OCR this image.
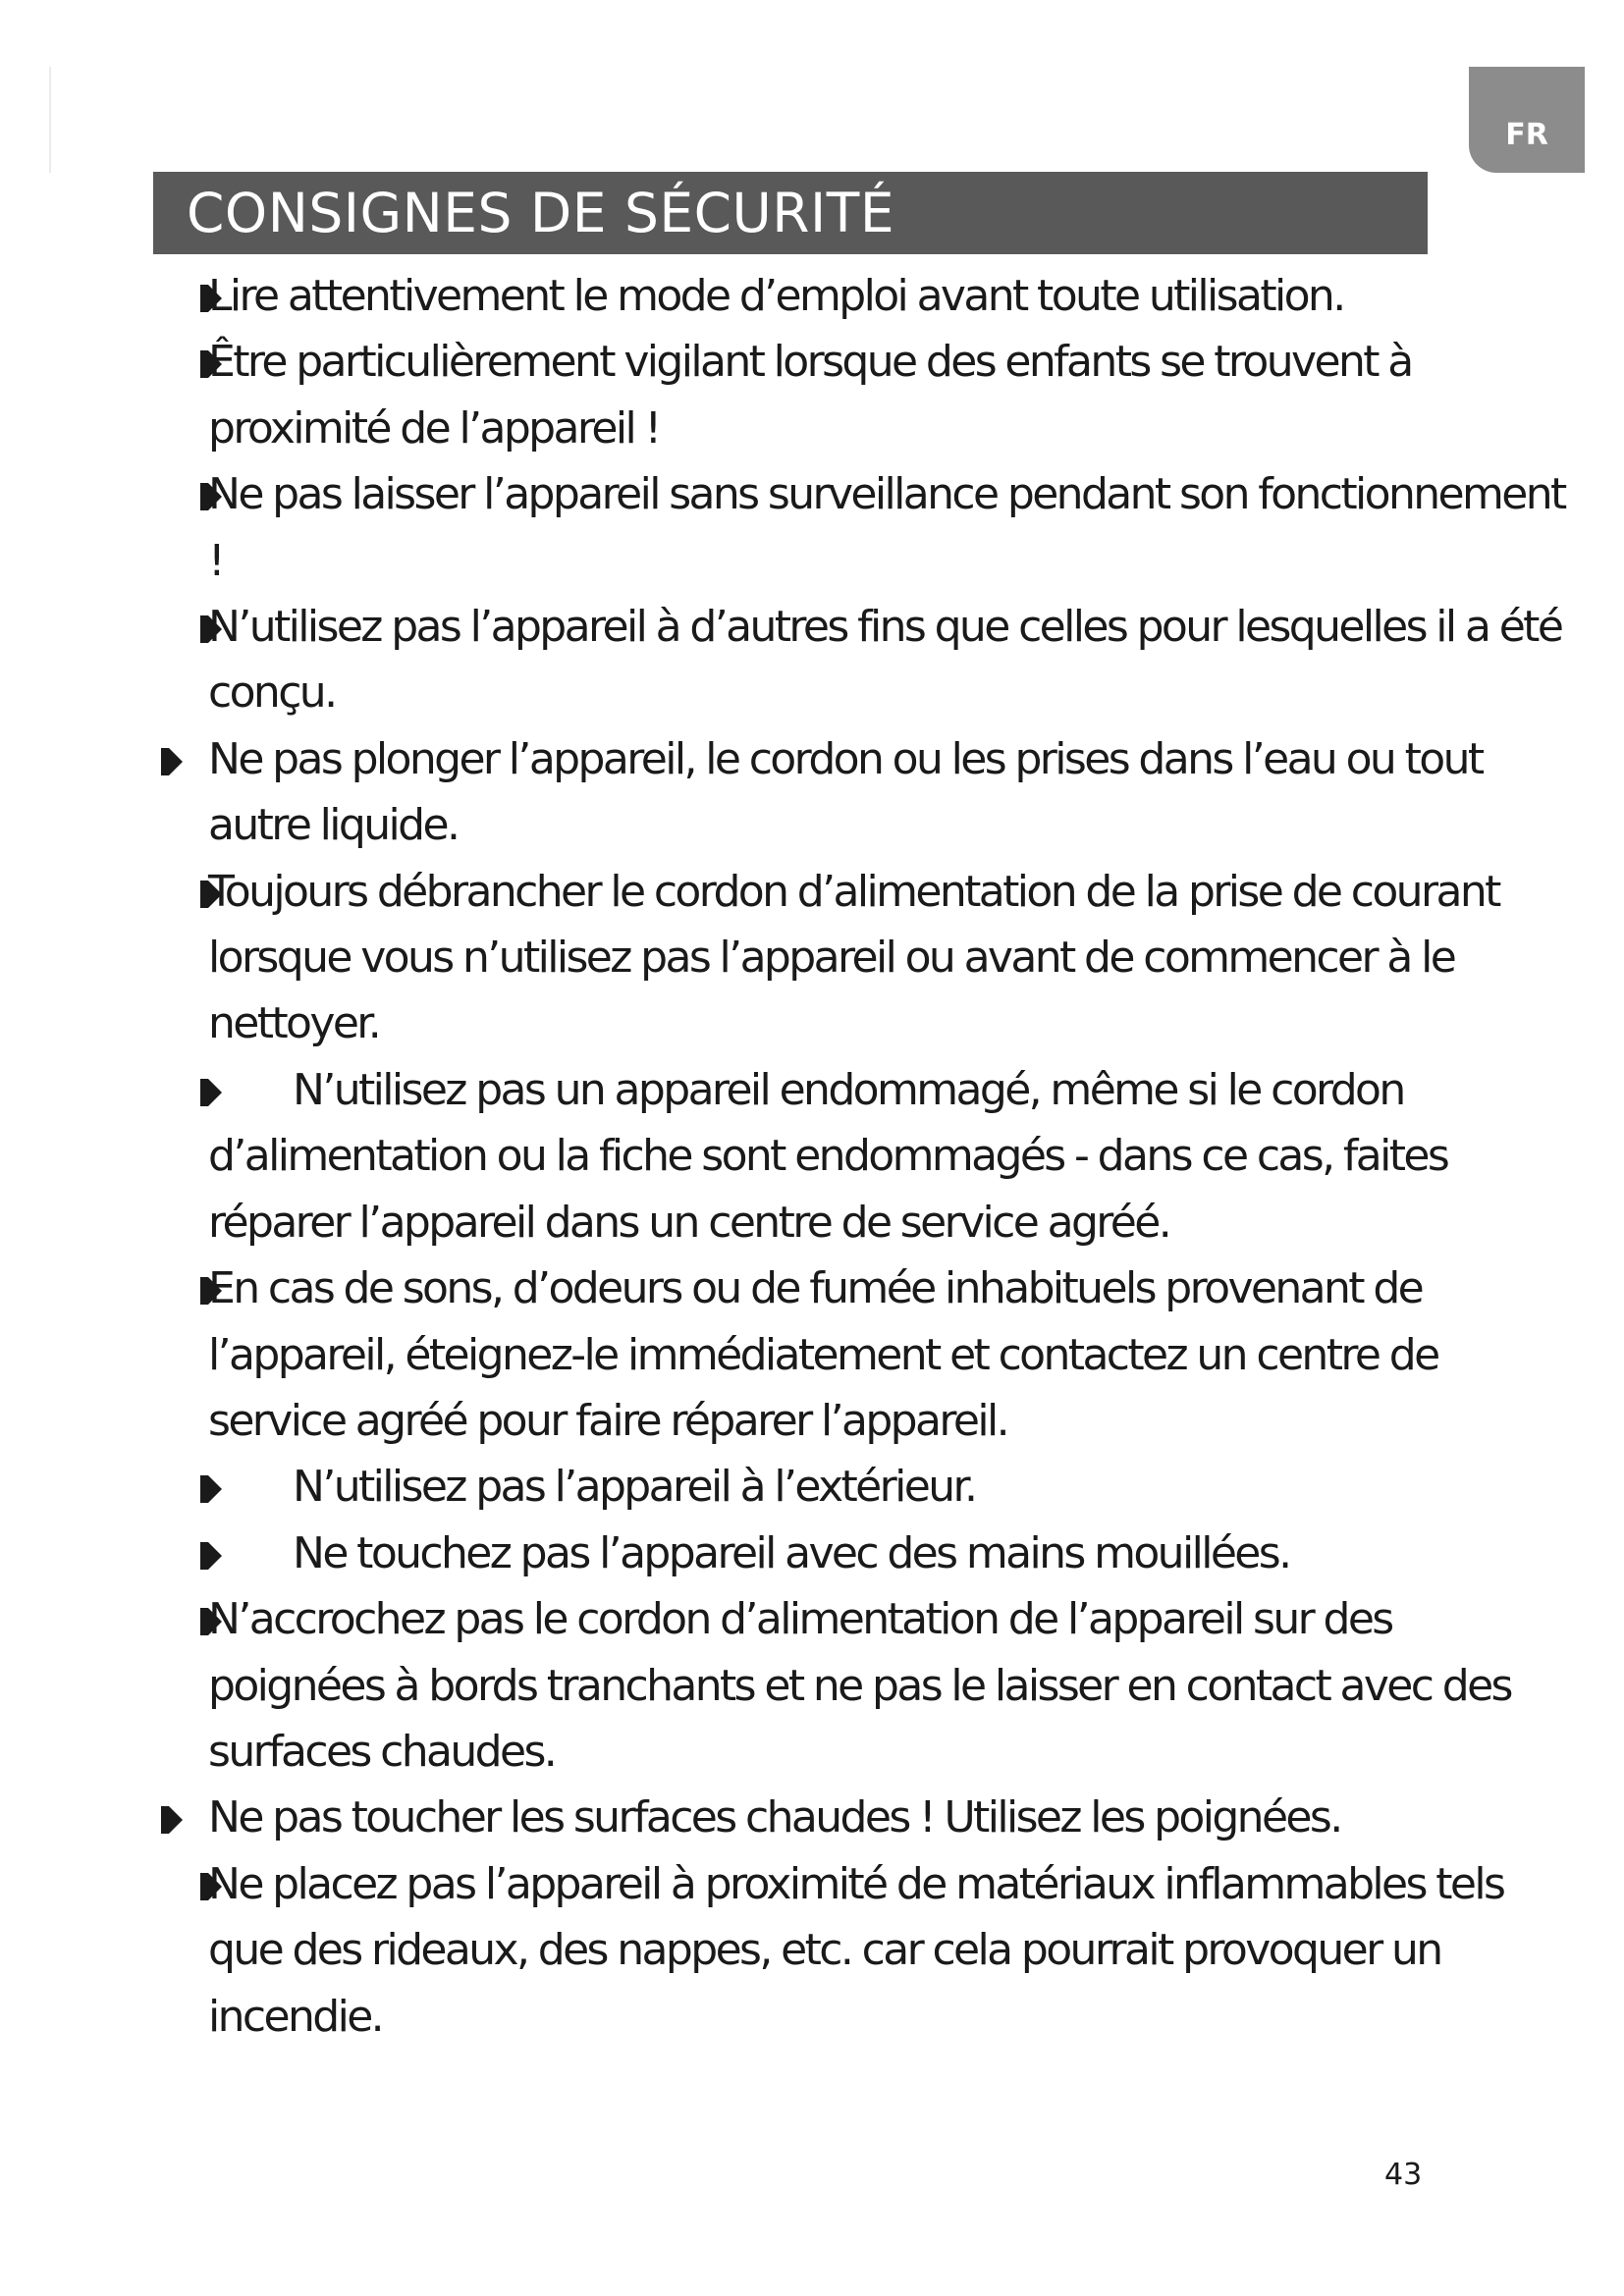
FR
CONSIGNES DE SÉCURITÉ
Lire attentivement le mode d’emploi avant toute utilisation.
Être particulièrement vigilant lorsque des enfants se trouvent à proximité de l’appareil !
Ne pas laisser l’appareil sans surveillance pendant son fonctionnement !
N’utilisez pas l’appareil à d’autres fins que celles pour lesquelles il a été conçu.
Ne pas plonger l’appareil, le cordon ou les prises dans l’eau ou tout autre liquide.
Toujours débrancher le cordon d’alimentation de la prise de courant lorsque vous n’utilisez pas l’appareil ou avant de commencer à le nettoyer.
N’utilisez pas un appareil endommagé, même si le cordon d’alimentation ou la fiche sont endommagés - dans ce cas, faites réparer l’appareil dans un centre de service agréé.
En cas de sons, d’odeurs ou de fumée inhabituels provenant de l’appareil, éteignez-le immédiatement et contactez un centre de service agréé pour faire réparer l’appareil.
N’utilisez pas l’appareil à l’extérieur.
Ne touchez pas l’appareil avec des mains mouillées.
N’accrochez pas le cordon d’alimentation de l’appareil sur des poignées à bords tranchants et ne pas le laisser en contact avec des surfaces chaudes.
Ne pas toucher les surfaces chaudes ! Utilisez les poignées.
Ne placez pas l’appareil à proximité de matériaux inflammables tels que des rideaux, des nappes, etc. car cela pourrait provoquer un incendie.
43
